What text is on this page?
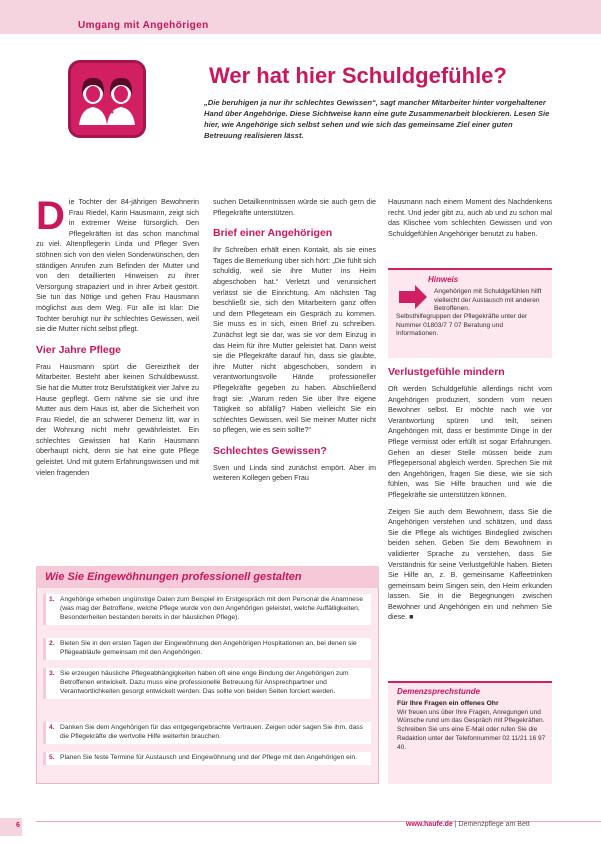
Umgang mit Angehörigen
Wer hat hier Schuldgefühle?
„Die beruhigen ja nur ihr schlechtes Gewissen“, sagt mancher Mitarbeiter hinter vorgehaltener Hand über Angehörige. Diese Sichtweise kann eine gute Zusammenarbeit blockieren. Lesen Sie hier, wie Angehörige sich selbst sehen und wie sich das gemeinsame Ziel einer guten Betreuung realisieren lässt.
D ie Tochter der 84-jährigen Bewohnerin Frau Riedel, Karin Hausmann, zeigt sich in extremer Weise fürsorglich. Den Pflegekräften ist das schon manchmal zu viel. Altenpflegerin Linda und Pfleger Sven stöhnen sich von den vielen Sonderwünschen, den ständigen Anrufen zum Befinden der Mutter und von den detaillierten Hinweisen zu ihrer Versorgung strapaziert und in ihrer Arbeit gestört. Sie tun das Nötige und gehen Frau Hausmann möglichst aus dem Weg. Für alle ist klar: Die Tochter beruhigt nur ihr schlechtes Gewissen, weil sie die Mutter nicht selbst pflegt.

Vier Jahre Pflege

Frau Hausmann spürt die Gereiztheit der Mitarbeiter. Besteht aber keinen Schuldbewusst. Sie hat die Mutter trotz Berufstätigkeit vier Jahre zu Hause gepflegt. Gern nähme sie sie und ihre Mutter aus dem Haus ist, aber die Sicherheit von Frau Riedel, die an schwerer Demenz litt, war in der Wohnung nicht mehr gewährleistet. Ein schlechtes Gewissen hat Karin Hausmann überhaupt nicht, denn sie hat eine gute Pflege geleistet. Und mit gutem Erfahrungswissen und mit vielen fragenden

suchen Detailkenntnissen würde sie auch gern die Pflegekräfte unterstützen.

Brief einer Angehörigen

Ihr Schreiben erhält einen Kontakt, als sie eines Tages die Bemerkung über sich hört: „Die fühlt sich schuldig, weil sie ihre Mutter ins Heim abgeschoben hat.“ Verletzt und verunsichert verlässt sie die Einrichtung. Am nächsten Tag beschließt sie, sich den Mitarbeitern ganz offen und dem Pflegeteam ein Gespräch zu kommen. Sie muss es in sich, einen Brief zu schreiben. Zunächst legt sie dar, was sie vor dem Einzug in das Heim für ihre Mutter geleistet hat. Dann weist sie die Pflegekräfte darauf hin, dass sie glaubte, ihre Mutter nicht abgeschoben, sondern in verantwortungsvolle Hände professioneller Pflegekräfte gegeben zu haben. Abschließend fragt sie: „Warum reden Sie über Ihre eigene Tätigkeit so abfällig? Haben vielleicht Sie ein schlechtes Gewissen, weil Sie meiner Mutter nicht so pflegen, wie es sein sollte?“

Schlechtes Gewissen?

Sven und Linda sind zunächst empört. Aber im weiteren Kollegen geben Frau

Hausmann nach einem Moment des Nachdenkens recht. Und jeder gibt zu, auch ab und zu schon mal das Klischee vom schlechten Gewissen und von Schuldgefühlen Angehöriger benutzt zu haben.

Hinweis
Angehörigen mit Schuldgefühlen hilft vielleicht der Austausch mit anderen Betroffenen.
Selbsthilfegruppen der Pflegekräfte unter der Nummer 01803/7 7 07 Beratung und Informationen.
Verlustgefühle mindern

Oft werden Schuldgefühle allerdings nicht vom Angehörigen produziert, sondern vom neuen Bewohner selbst. Er möchte nach wie vor Verantwortung spüren und teilt, seinen Angehörigen mit, dass er bestimmte Dinge in der Pflege vermisst oder erfüllt ist sogar Erfahrungen. Gehen an dieser Stelle müssen beide zum Pflegepersonal abgleich werden. Sprechen Sie mit den Angehörigen, fragen Sie diese, wie sie sich fühlen, was Sie Hilfe brauchen und wie die Pflegekräfte sie unterstützen können.

Zeigen Sie auch dem Bewohnern, dass Sie die Angehörigen verstehen und schätzen, und dass Sie die Pflege als wichtiges Bindeglied zwischen beiden sehen. Geben Sie dem Bewohnern in validierter Sprache zu verstehen, dass Sie Verständnis für seine Verlustgefühle haben. Bieten Sie Hilfe an, z. B. gemeinsame Kaffeetrinken gemeinsam beim Singen sein, den Heim erkunden lassen. Sie in die Begegnungen zwischen Bewohner und Angehörigen ein und nehmen Sie diese. ■

Wie Sie Eingewöhnungen professionell gestalten
1. Angehörige erheben ungünstige Daten zum Beispiel im Erstgespräch mit dem Personal die Anamnese (was mag der Betroffene, welche Pflege wurde von den Angehörigen geleistet, welche Auffälligkeiten, Besonderheiten bestanden bereits in der häuslichen Pflege).
2. Bieten Sie in den ersten Tagen der Eingewöhnung den Angehörigen Hospitationen an, bei denen sie Pflegeabläufe gemeinsam mit den Angehörigen.
3. Sie erzeugen häusliche Pflegeabhängigkeiten haben oft eine enge Bindung der Angehörigen zum Betroffenen entwickelt. Dazu muss eine professionelle Betreuung für Ansprechpartner und Verantwortlichkeiten gesorgt entwickelt werden. Das sollte von beiden Seiten forciert werden.
4. Danken Sie dem Angehörigen für das entgegengebrachte Vertrauen. Zeigen oder sagen Sie ihm, dass die Pflegekräfte die wertvolle Hilfe weiterhin brauchen.
5. Planen Sie feste Termine für Austausch und Eingewöhnung und der Pflege mit den Angehörigen ein.
Demenzsprechstunde
Für Ihre Fragen ein offenes Ohr
Wir freuen uns über Ihre Fragen, Anregungen und Wünsche rund um das Gespräch mit Pflegekräften. Schreiben Sie uns eine E-Mail oder rufen Sie die Redaktion unter der Telefonnummer 02 11/21 16 97 40.
6	www.haufe.de | Demenzpflege am Bett
